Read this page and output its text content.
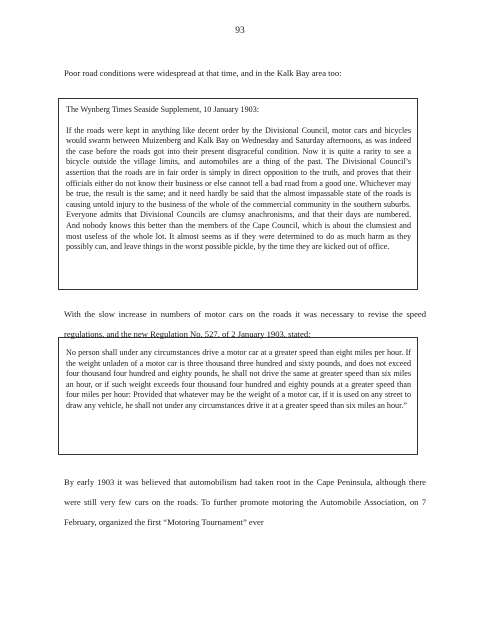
93

Poor road conditions were widespread at that time, and in the Kalk Bay area too:

The Wynberg Times Seaside Supplement, 10 January 1903:

If the roads were kept in anything like decent order by the Divisional Council, motor cars and bicycles would swarm between Muizenberg and Kalk Bay on Wednesday and Saturday afternoons, as was indeed the case before the roads got into their present disgraceful condition. Now it is quite a rarity to see a bicycle outside the village limits, and automobiles are a thing of the past. The Divisional Council’s assertion that the roads are in fair order is simply in direct opposition to the truth, and proves that their officials either do not know their business or else cannot tell a bad road from a good one. Whichever may be true, the result is the same; and it need hardly be said that the almost impassable state of the roads is causing untold injury to the business of the whole of the commercial community in the southern suburbs. Everyone admits that Divisional Councils are clumsy anachronisms, and that their days are numbered. And nobody knows this better than the members of the Cape Council, which is about the clumsiest and most useless of the whole lot. It almost seems as if they were determined to do as much harm as they possibly can, and leave things in the worst possible pickle, by the time they are kicked out of office.

With the slow increase in numbers of motor cars on the roads it was necessary to revise the speed regulations, and the new Regulation No. 527, of 2 January 1903, stated:

No person shall under any circumstances drive a motor car at a greater speed than eight miles per hour. If the weight unladen of a motor car is three thousand three hundred and sixty pounds, and does not exceed four thousand four hundred and eighty pounds, he shall not drive the same at greater speed than six miles an hour, or if such weight exceeds four thousand four hundred and eighty pounds at a greater speed than four miles per hour: Provided that whatever may be the weight of a motor car, if it is used on any street to draw any vehicle, he shall not under any circumstances drive it at a greater speed than six miles an hour.”

By early 1903 it was believed that automobilism had taken root in the Cape Peninsula, although there were still very few cars on the roads. To further promote motoring the Automobile Association, on 7 February, organized the first “Motoring Tournament” ever
